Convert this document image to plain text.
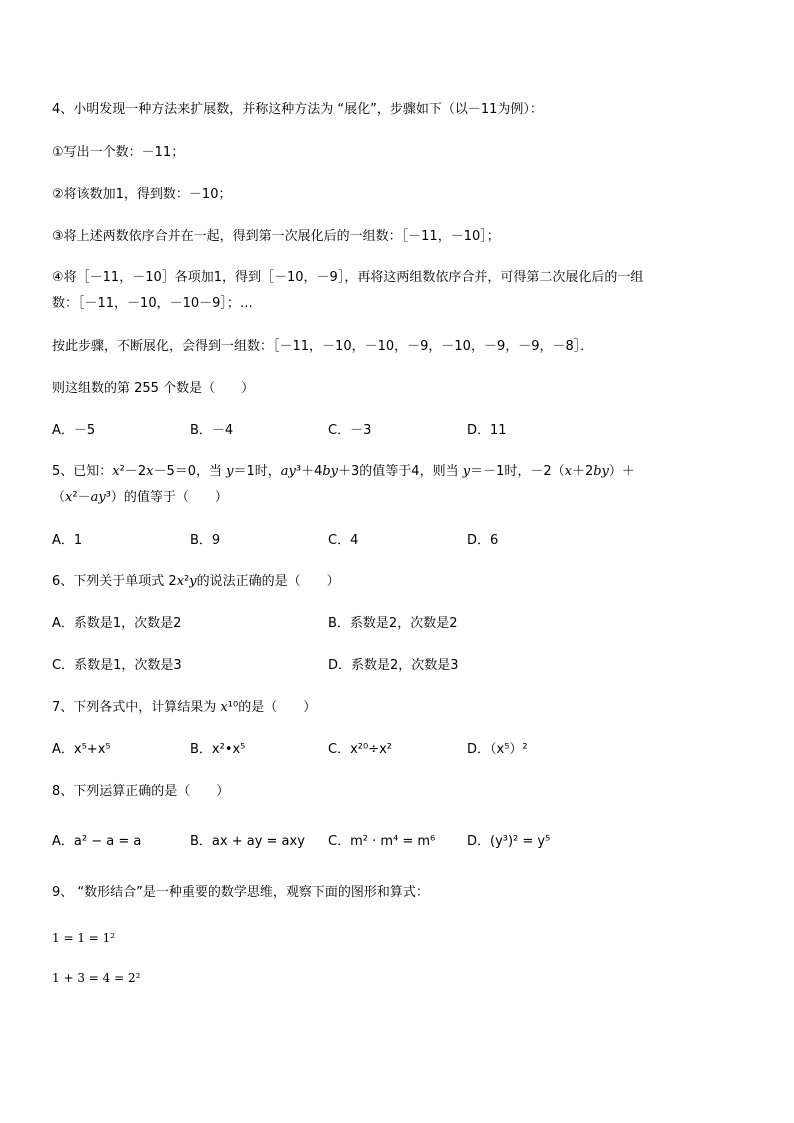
4、小明发现一种方法来扩展数，并称这种方法为 “展化”，步骤如下（以－11为例）：
①写出一个数：－11；
②将该数加1，得到数：－10；
③将上述两数依序合并在一起，得到第一次展化后的一组数：［－11，－10］；
④将［－11，－10］各项加1，得到［－10，－9］，再将这两组数依序合并，可得第二次展化后的一组
数：［－11，－10，－10－9］；…
按此步骤，不断展化，会得到一组数：［－11，－10，－10，－9，－10，－9，－9，－8］．
则这组数的第 255 个数是（　　）
A．－5	B．－4	C．－3	D．11
5、已知：x²－2x－5＝0，当 y＝1时，ay³＋4by＋3的值等于4，则当 y＝－1时，－2（x＋2by）＋
（x²－ay³）的值等于（　　）
A．1	B．9	C．4	D．6
6、下列关于单项式 2x²y的说法正确的是（　　）
A．系数是1，次数是2	B．系数是2，次数是2
C．系数是1，次数是3	D．系数是2，次数是3
7、下列各式中，计算结果为 x¹⁰的是（　　）
A．x⁵+x⁵	B．x²•x⁵	C．x²⁰÷x²	D．（x⁵）²
8、下列运算正确的是（　　）
A．a² − a = a	B．ax + ay = axy C．m² · m⁴ = m⁶ D．(y³)² = y⁵
9、 “数形结合”是一种重要的数学思维，观察下面的图形和算式：
1 = 1 = 1²
1 + 3 = 4 = 2²
